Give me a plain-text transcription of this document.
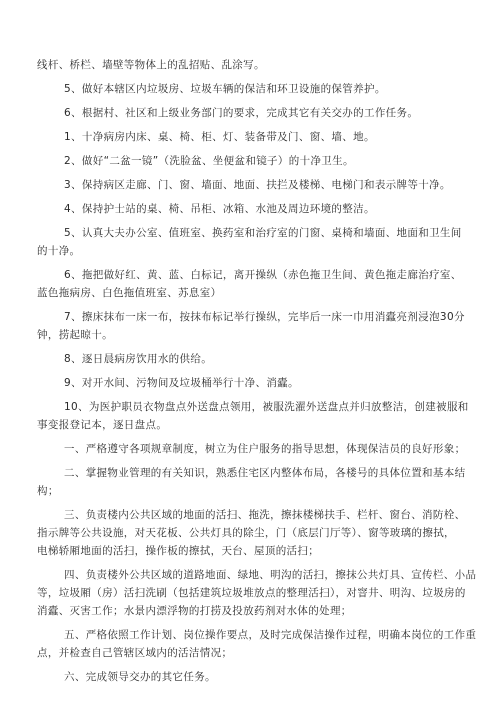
线杆、桥栏、墙壁等物体上的乱招贴、乱涂写。
5、做好本辖区内垃圾房、垃圾车辆的保洁和环卫设施的保管养护。
6、根据村、社区和上级业务部门的要求，完成其它有关交办的工作任务。
1、十净病房内床、桌、椅、柜、灯、装备带及门、窗、墙、地。
2、做好“二盆一镜”（洗脸盆、坐便盆和镜子）的十净卫生。
3、保持病区走廊、门、窗、墙面、地面、扶拦及楼梯、电梯门和表示牌等十净。
4、保持护士站的桌、椅、吊柜、冰箱、水池及周边环境的整洁。
5、认真大夫办公室、值班室、换药室和治疗室的门窗、桌椅和墙面、地面和卫生间
的十净。
6、拖把做好红、黄、蓝、白标记，离开操纵（赤色拖卫生间、黄色拖走廊治疗室、
蓝色拖病房、白色拖值班室、苏息室）
7、擦床抹布一床一布，按抹布标记举行操纵，完毕后一床一巾用消蠹亮剂浸泡30分
钟，捞起晾十。
8、逐日晨病房饮用水的供给。
9、对开水间、污物间及垃圾桶举行十净、消蠹。
10、为医护职员衣物盘点外送盘点领用，被服洗濯外送盘点并归放整洁，创建被服和
事变报登记本，逐日盘点。
一、严格遵守各项规章制度，树立为住户服务的指导思想，体现保洁员的良好形象；
二、掌握物业管理的有关知识，熟悉住宅区内整体布局，各楼号的具体位置和基本结
构；
三、负责楼内公共区域的地面的活扫、拖洗，擦抹楼梯扶手、栏杆、窗台、消防栓、
指示牌等公共设施，对天花板、公共灯具的除尘，门（底层门厅等）、窗等玻璃的擦拭，
电梯轿厢地面的活扫，操作板的擦拭，天台、屋顶的活扫；
四、负责楼外公共区域的道路地面、绿地、明沟的活扫，擦抹公共灯具、宣传栏、小品
等，垃圾厢（房）活扫洗刷（包括建筑垃圾堆放点的整理活扫），对窨井、明沟、垃圾房的
消蠹、灭害工作；水景内漂浮物的打捞及投放药剂对水体的处理；
五、严格依照工作计划、岗位操作要点，及时完成保洁操作过程，明确本岗位的工作重
点，并检查自己管辖区域内的活洁情况；
六、完成领导交办的其它任务。
